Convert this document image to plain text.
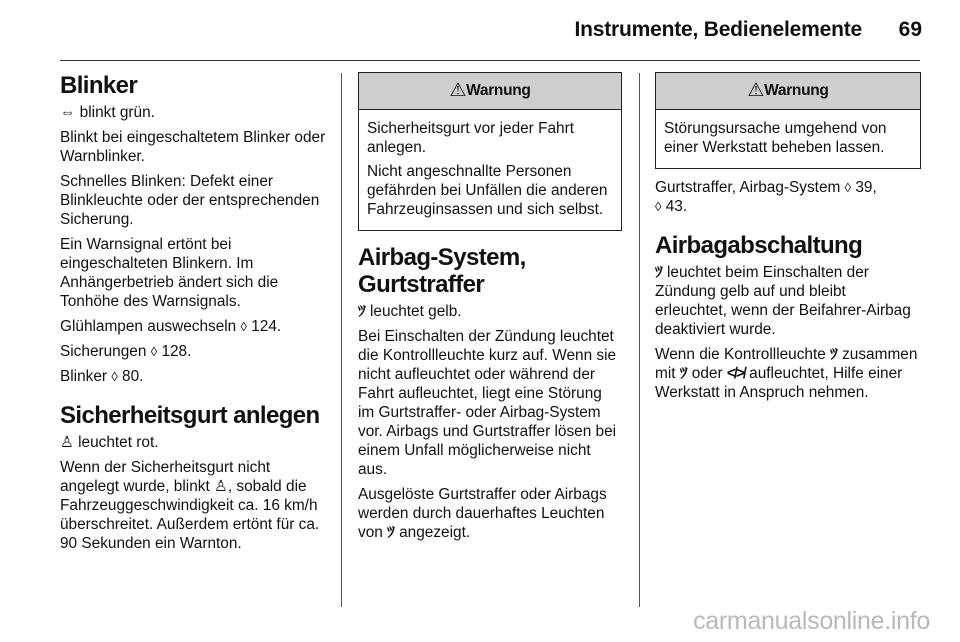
Instrumente, Bedienelemente 69
Blinker

⇔ blinkt grün.

Blinkt bei eingeschaltetem Blinker oder Warnblinker.

Schnelles Blinken: Defekt einer Blinkleuchte oder der entsprechenden Sicherung.

Ein Warnsignal ertönt bei eingeschalteten Blinkern. Im Anhängerbetrieb ändert sich die Tonhöhe des Warnsignals.

Glühlampen auswechseln ◊ 124.

Sicherungen ◊ 128.

Blinker ◊ 80.

Sicherheitsgurt anlegen

♙ leuchtet rot.

Wenn der Sicherheitsgurt nicht angelegt wurde, blinkt ♙, sobald die Fahrzeuggeschwindigkeit ca. 16 km/h überschreitet. Außerdem ertönt für ca. 90 Sekunden ein Warnton.

⚠Warnung

Sicherheitsgurt vor jeder Fahrt anlegen.

Nicht angeschnallte Personen gefährden bei Unfällen die anderen Fahrzeuginsassen und sich selbst.

Airbag-System, Gurtstraffer

ﾂ leuchtet gelb.

Bei Einschalten der Zündung leuchtet die Kontrollleuchte kurz auf. Wenn sie nicht aufleuchtet oder während der Fahrt aufleuchtet, liegt eine Störung im Gurtstraffer- oder Airbag-System vor. Airbags und Gurtstraffer lösen bei einem Unfall möglicherweise nicht aus.

Ausgelöste Gurtstraffer oder Airbags werden durch dauerhaftes Leuchten von ﾂ angezeigt.

⚠Warnung

Störungsursache umgehend von einer Werkstatt beheben lassen.

Gurtstraffer, Airbag-System ◊ 39,
◊ 43.

Airbagabschaltung

ﾂ leuchtet beim Einschalten der Zündung gelb auf und bleibt erleuchtet, wenn der Beifahrer-Airbag deaktiviert wurde.

Wenn die Kontrollleuchte ﾂ zusammen mit ﾂ oder ≮≯ aufleuchtet, Hilfe einer Werkstatt in Anspruch nehmen.

carmanualsonline.info
